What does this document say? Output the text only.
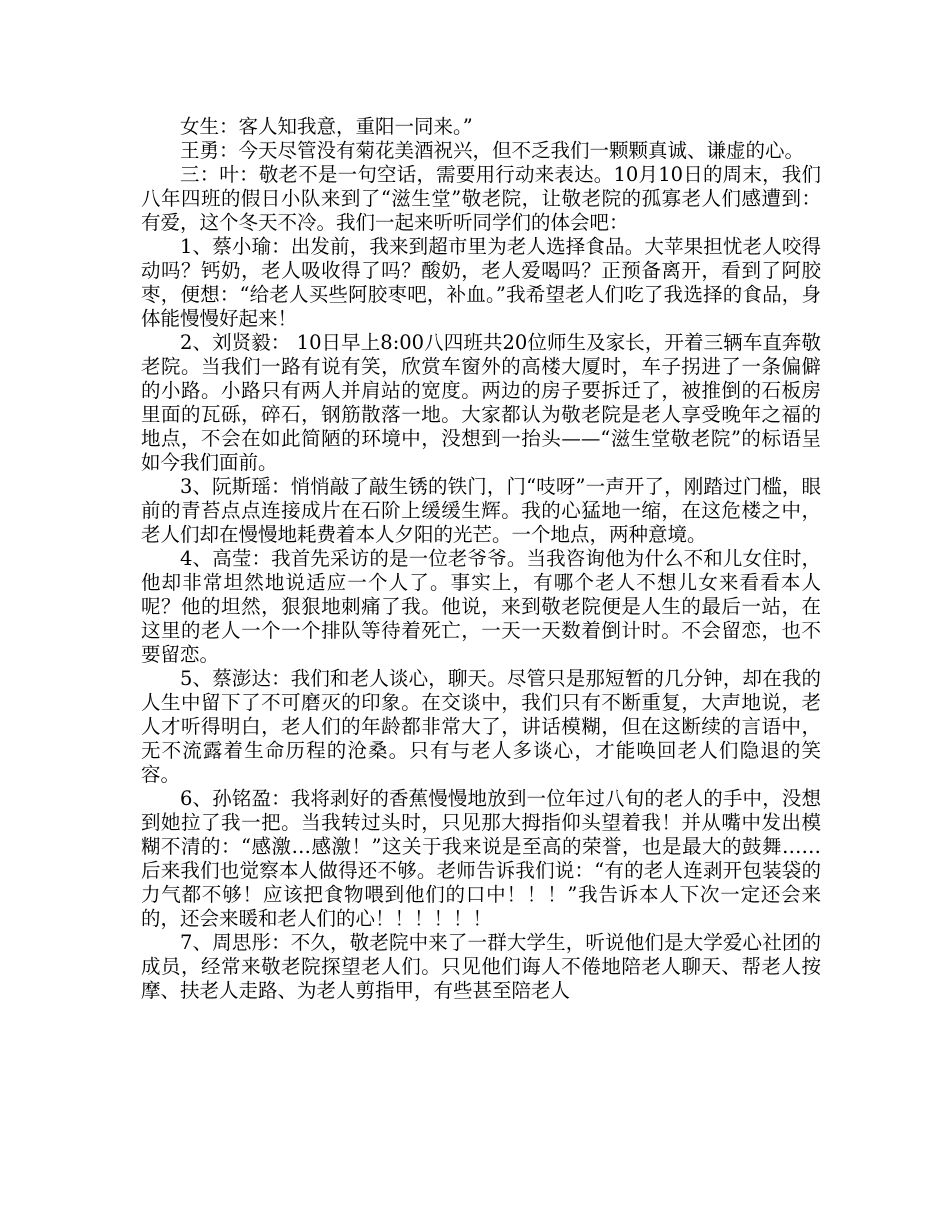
女生：客人知我意，重阳一同来。”

王勇：今天尽管没有菊花美酒祝兴，但不乏我们一颗颗真诚、谦虚的心。

三：叶：敬老不是一句空话，需要用行动来表达。10月10日的周末，我们八年四班的假日小队来到了“滋生堂”敬老院，让敬老院的孤寡老人们感遭到：有爱，这个冬天不冷。我们一起来听听同学们的体会吧：

1、蔡小瑜：出发前，我来到超市里为老人选择食品。大苹果担忧老人咬得动吗？钙奶，老人吸收得了吗？酸奶，老人爱喝吗？正预备离开，看到了阿胶枣，便想：“给老人买些阿胶枣吧，补血。”我希望老人们吃了我选择的食品，身体能慢慢好起来！

2、刘贤毅： 10日早上8:00八四班共20位师生及家长，开着三辆车直奔敬老院。当我们一路有说有笑，欣赏车窗外的高楼大厦时，车子拐进了一条偏僻的小路。小路只有两人并肩站的宽度。两边的房子要拆迁了，被推倒的石板房里面的瓦砾，碎石，钢筋散落一地。大家都认为敬老院是老人享受晚年之福的地点，不会在如此简陋的环境中，没想到一抬头——“滋生堂敬老院”的标语呈如今我们面前。

3、阮斯瑶：悄悄敲了敲生锈的铁门，门“吱呀”一声开了，刚踏过门槛，眼前的青苔点点连接成片在石阶上缓缓生辉。我的心猛地一缩，在这危楼之中，老人们却在慢慢地耗费着本人夕阳的光芒。一个地点，两种意境。

4、高莹：我首先采访的是一位老爷爷。当我咨询他为什么不和儿女住时，他却非常坦然地说适应一个人了。事实上，有哪个老人不想儿女来看看本人呢？他的坦然，狠狠地刺痛了我。他说，来到敬老院便是人生的最后一站，在这里的老人一个一个排队等待着死亡，一天一天数着倒计时。不会留恋，也不要留恋。

5、蔡澎达：我们和老人谈心，聊天。尽管只是那短暂的几分钟，却在我的人生中留下了不可磨灭的印象。在交谈中，我们只有不断重复，大声地说，老人才听得明白，老人们的年龄都非常大了，讲话模糊，但在这断续的言语中，无不流露着生命历程的沧桑。只有与老人多谈心，才能唤回老人们隐退的笑容。

6、孙铭盈：我将剥好的香蕉慢慢地放到一位年过八旬的老人的手中，没想到她拉了我一把。当我转过头时，只见那大拇指仰头望着我！并从嘴中发出模糊不清的：“感激…感激！”这关于我来说是至高的荣誉，也是最大的鼓舞……后来我们也觉察本人做得还不够。老师告诉我们说：“有的老人连剥开包装袋的力气都不够！应该把食物喂到他们的口中！！！”我告诉本人下次一定还会来的，还会来暖和老人们的心！！！！！！

7、周思彤：不久，敬老院中来了一群大学生，听说他们是大学爱心社团的成员，经常来敬老院探望老人们。只见他们诲人不倦地陪老人聊天、帮老人按摩、扶老人走路、为老人剪指甲，有些甚至陪老人
